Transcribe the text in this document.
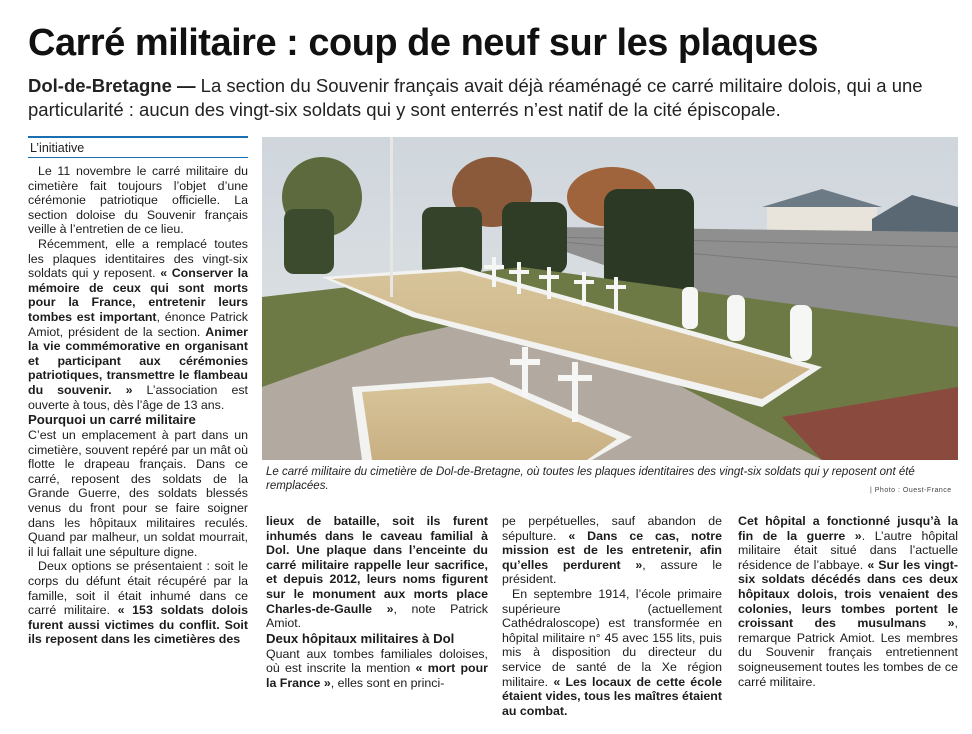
Carré militaire : coup de neuf sur les plaques
Dol-de-Bretagne — La section du Souvenir français avait déjà réaménagé ce carré militaire dolois, qui a une particularité : aucun des vingt-six soldats qui y sont enterrés n’est natif de la cité épiscopale.
L’initiative

Le 11 novembre le carré militaire du cimetière fait toujours l’objet d’une cérémonie patriotique officielle. La section doloise du Souvenir français veille à l’entretien de ce lieu.

Récemment, elle a remplacé toutes les plaques identitaires des vingt-six soldats qui y reposent. « Conserver la mémoire de ceux qui sont morts pour la France, entretenir leurs tombes est important, énonce Patrick Amiot, président de la section. Animer la vie commémorative en organisant et participant aux cérémonies patriotiques, transmettre le flambeau du souvenir. » L’association est ouverte à tous, dès l’âge de 13 ans.

Pourquoi un carré militaire

C’est un emplacement à part dans un cimetière, souvent repéré par un mât où flotte le drapeau français. Dans ce carré, reposent des soldats de la Grande Guerre, des soldats blessés venus du front pour se faire soigner dans les hôpitaux militaires reculés. Quand par malheur, un soldat mourrait, il lui fallait une sépulture digne.

Deux options se présentaient : soit le corps du défunt était récupéré par la famille, soit il était inhumé dans ce carré militaire. « 153 soldats dolois furent aussi victimes du conflit. Soit ils reposent dans les cimetières des

Le carré militaire du cimetière de Dol-de-Bretagne, où toutes les plaques identitaires des vingt-six soldats qui y reposent ont été remplacées.	| Photo : Ouest-France

lieux de bataille, soit ils furent inhumés dans le caveau familial à Dol. Une plaque dans l’enceinte du carré militaire rappelle leur sacrifice, et depuis 2012, leurs noms figurent sur le monument aux morts place Charles-de-Gaulle », note Patrick Amiot.

Deux hôpitaux militaires à Dol

Quant aux tombes familiales doloises, où est inscrite la mention « mort pour la France », elles sont en princi-

pe perpétuelles, sauf abandon de sépulture. « Dans ce cas, notre mission est de les entretenir, afin qu’elles perdurent », assure le président.

En septembre 1914, l’école primaire supérieure (actuellement Cathédraloscope) est transformée en hôpital militaire n° 45 avec 155 lits, puis mis à disposition du directeur du service de santé de la Xe région militaire. « Les locaux de cette école étaient vides, tous les maîtres étaient au combat.

Cet hôpital a fonctionné jusqu’à la fin de la guerre ». L’autre hôpital militaire était situé dans l’actuelle résidence de l’abbaye. « Sur les vingt-six soldats décédés dans ces deux hôpitaux dolois, trois venaient des colonies, leurs tombes portent le croissant des musulmans », remarque Patrick Amiot. Les membres du Souvenir français entretiennent soigneusement toutes les tombes de ce carré militaire.
